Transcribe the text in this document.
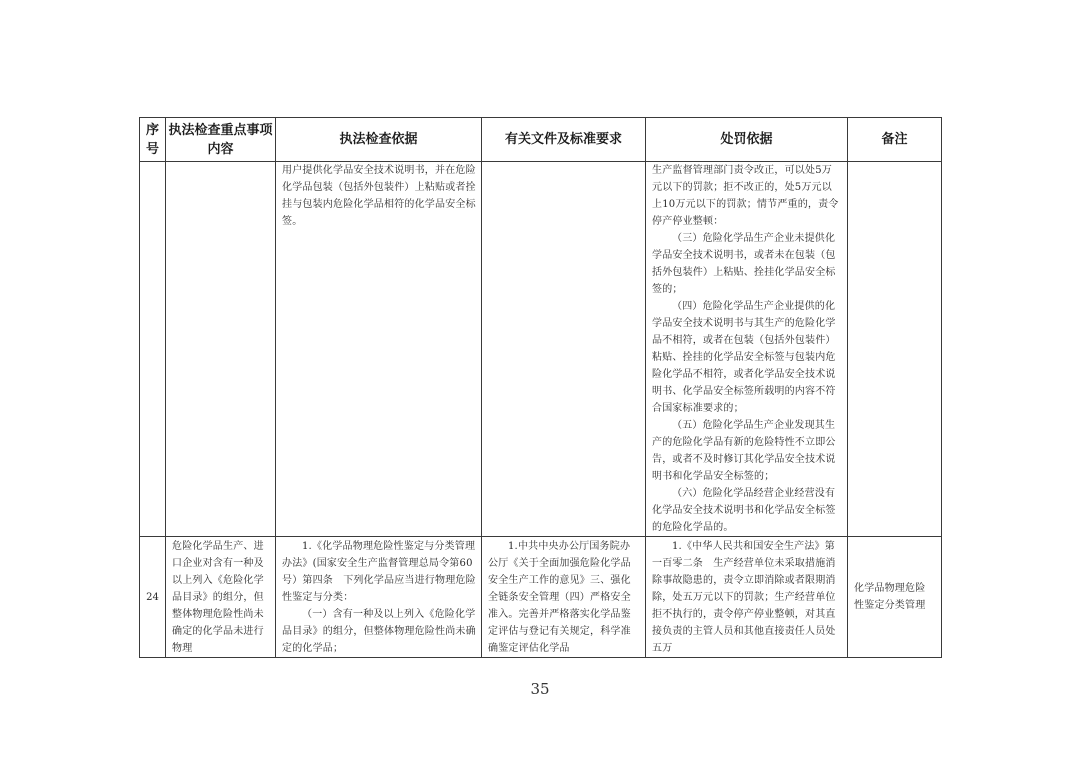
序号	执法检查重点事项内容	执法检查依据	有关文件及标准要求	处罚依据	备注

		用户提供化学品安全技术说明书，并在危险化学品包装（包括外包装件）上粘贴或者拴挂与包装内危险化学品相符的化学品安全标签。		生产监督管理部门责令改正，可以处5万元以下的罚款；拒不改正的，处5万元以上10万元以下的罚款；情节严重的，责令停产停业整顿：

（三）危险化学品生产企业未提供化学品安全技术说明书，或者未在包装（包括外包装件）上粘贴、拴挂化学品安全标签的；

（四）危险化学品生产企业提供的化学品安全技术说明书与其生产的危险化学品不相符，或者在包装（包括外包装件）粘贴、拴挂的化学品安全标签与包装内危险化学品不相符，或者化学品安全技术说明书、化学品安全标签所载明的内容不符合国家标准要求的；

（五）危险化学品生产企业发现其生产的危险化学品有新的危险特性不立即公告，或者不及时修订其化学品安全技术说明书和化学品安全标签的；

（六）危险化学品经营企业经营没有化学品安全技术说明书和化学品安全标签的危险化学品的。	

24	危险化学品生产、进口企业对含有一种及以上列入《危险化学品目录》的组分，但整体物理危险性尚未确定的化学品未进行物理	1.《化学品物理危险性鉴定与分类管理办法》(国家安全生产监督管理总局令第60号）第四条　下列化学品应当进行物理危险性鉴定与分类：

（一）含有一种及以上列入《危险化学品目录》的组分，但整体物理危险性尚未确定的化学品；	1.中共中央办公厅国务院办公厅《关于全面加强危险化学品安全生产工作的意见》三、强化全链条安全管理（四）严格安全准入。完善并严格落实化学品鉴定评估与登记有关规定，科学准确鉴定评估化学品	1.《中华人民共和国安全生产法》第一百零二条　生产经营单位未采取措施消除事故隐患的，责令立即消除或者限期消除，处五万元以下的罚款；生产经营单位拒不执行的，责令停产停业整顿，对其直接负责的主管人员和其他直接责任人员处五万	化学品物理危险性鉴定分类管理
35
